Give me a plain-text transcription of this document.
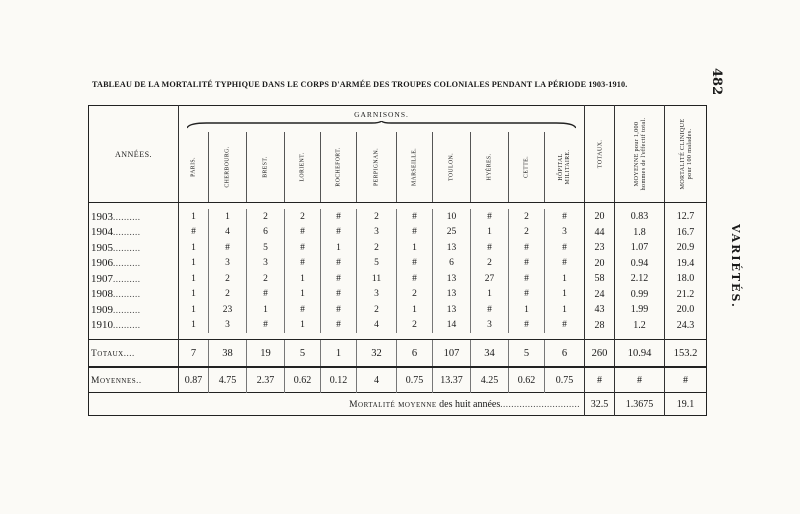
TABLEAU DE LA MORTALITÉ TYPHIQUE DANS LE CORPS D'ARMÉE DES TROUPES COLONIALES PENDANT LA PÉRIODE 1903-1910.	482
VARIÉTÉS.
ANNÉES.	GARNISONS.											TOTAUX.	MOYENNE pour 1,000 hommes de l'effectif total.	MORTALITÉ CLINIQUE pour 100 malades.

	PARIS.	CHERBOURG.	BREST.	LORIENT.	ROCHEFORT.	PERPIGNAN.	MARSEILLE.	TOULON.	HYÈRES.	CETTE.	HÔPITAL MILITAIRE.			

1903..........	1	1	2	2	#	2	#	10	#	2	#	20	0.83	12.7
1904..........	#	4	6	#	#	3	#	25	1	2	3	44	1.8	16.7
1905..........	1	#	5	#	1	2	1	13	#	#	#	23	1.07	20.9
1906..........	1	3	3	#	#	5	#	6	2	#	#	20	0.94	19.4
1907..........	1	2	2	1	#	11	#	13	27	#	1	58	2.12	18.0
1908..........	1	2	#	1	#	3	2	13	1	#	1	24	0.99	21.2
1909..........	1	23	1	#	#	2	1	13	#	1	1	43	1.99	20.0
1910..........	1	3	#	1	#	4	2	14	3	#	#	28	1.2	24.3

Totaux....	7	38	19	5	1	32	6	107	34	5	6	260	10.94	153.2
Moyennes..	0.87	4.75	2.37	0.62	0.12	4	0.75	13.37	4.25	0.62	0.75	#	#	#
Mortalité moyenne des huit années.............................												32.5	1.3675	19.1
